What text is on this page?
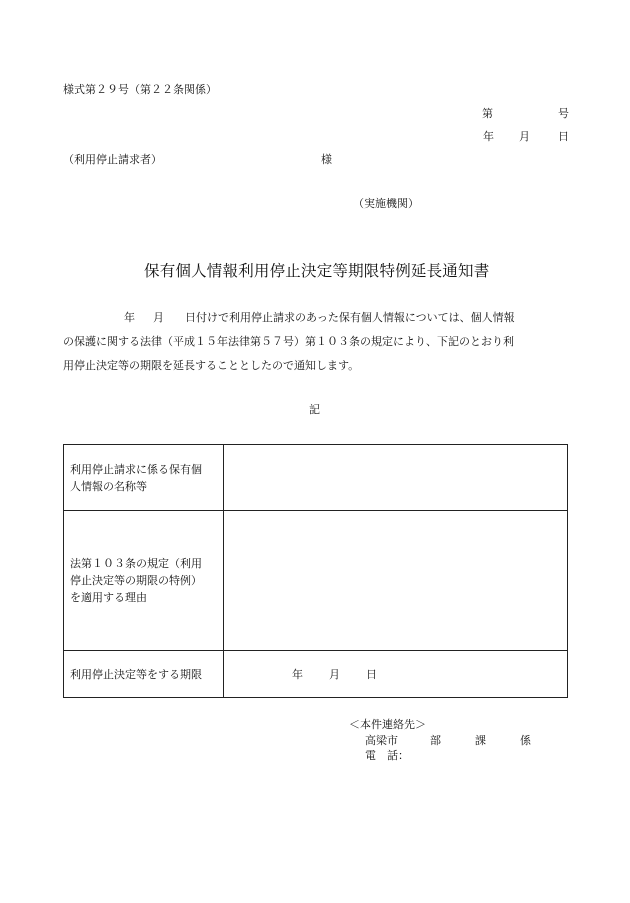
様式第２９号（第２２条関係）
第	号
年 月	日
（利用停止請求者）	様
（実施機関）
保有個人情報利用停止決定等期限特例延長通知書
年 月 日付けで利用停止請求のあった保有個人情報については、個人情報
の保護に関する法律（平成１５年法律第５７号）第１０３条の規定により、下記のとおり利
用停止決定等の期限を延長することとしたので通知します。
記
利用停止請求に係る保有個
人情報の名称等	

法第１０３条の規定（利用
停止決定等の期限の特例）
を適用する理由	

利用停止決定等をする期限	年 月 日
＜本件連絡先＞
高梁市	部	課	係
電　話：
